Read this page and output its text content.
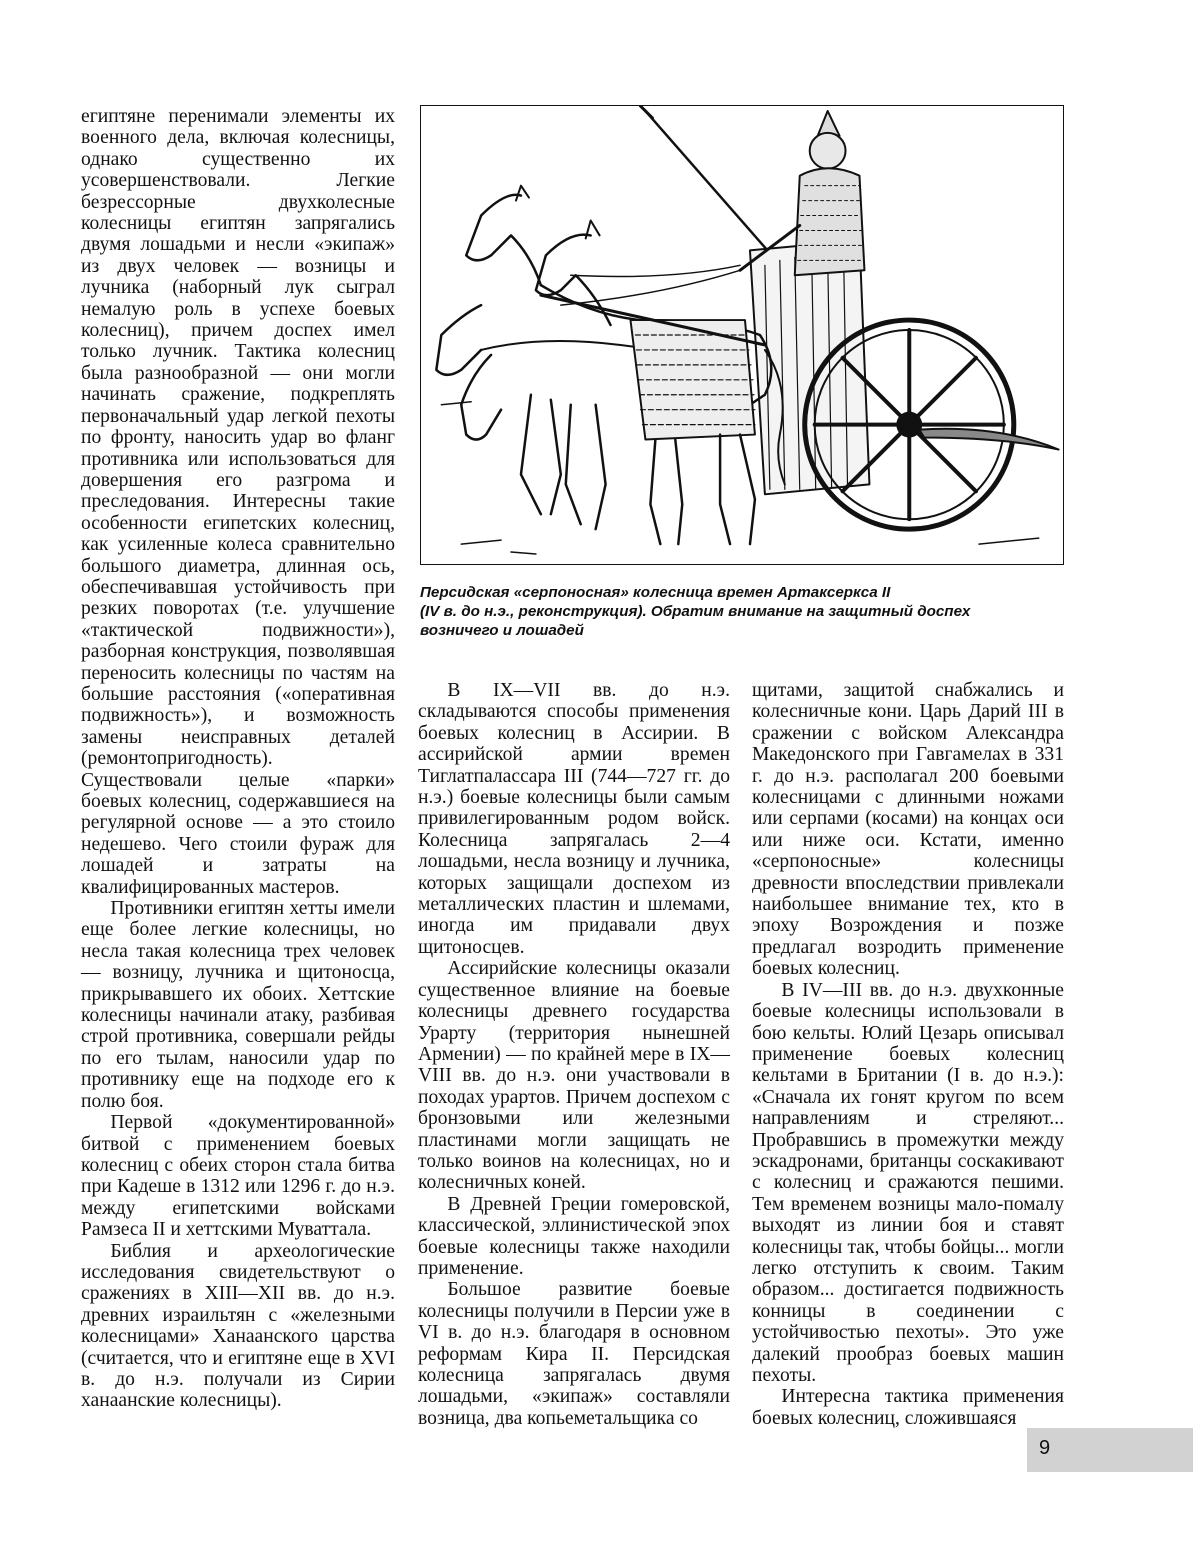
египтяне перенимали элементы их военного дела, включая колесницы, однако существенно их усовершенствовали. Легкие безрессорные двухколесные колесницы египтян запрягались двумя лошадьми и несли «экипаж» из двух человек — возницы и лучника (наборный лук сыграл немалую роль в успехе боевых колесниц), причем доспех имел только лучник. Тактика колесниц была разнообразной — они могли начинать сражение, подкреплять первоначальный удар легкой пехоты по фронту, наносить удар во фланг противника или использоваться для довершения его разгрома и преследования. Интересны такие особенности египетских колесниц, как усиленные колеса сравнительно большого диаметра, длинная ось, обеспечивавшая устойчивость при резких поворотах (т.е. улучшение «тактической подвижности»), разборная конструкция, позволявшая переносить колесницы по частям на большие расстояния («оперативная подвижность»), и возможность замены неисправных деталей (ремонтопригодность). Существовали целые «парки» боевых колесниц, содержавшиеся на регулярной основе — а это стоило недешево. Чего стоили фураж для лошадей и затраты на квалифицированных мастеров.

Противники египтян хетты имели еще более легкие колесницы, но несла такая колесница трех человек — возницу, лучника и щитоносца, прикрывавшего их обоих. Хеттские колесницы начинали атаку, разбивая строй противника, совершали рейды по его тылам, наносили удар по противнику еще на подходе его к полю боя.

Первой «документированной» битвой с применением боевых колесниц с обеих сторон стала битва при Кадеше в 1312 или 1296 г. до н.э. между египетскими войсками Рамзеса II и хеттскими Муваттала.

Библия и археологические исследования свидетельствуют о сражениях в XIII—XII вв. до н.э. древних израильтян с «железными колесницами» Ханаанского царства (считается, что и египтяне еще в XVI в. до н.э. получали из Сирии ханаанские колесницы).

Персидская «серпоносная» колесница времен Артаксеркса II
(IV в. до н.э., реконструкция). Обратим внимание на защитный доспех
возничего и лошадей

В IX—VII вв. до н.э. складываются способы применения боевых колесниц в Ассирии. В ассирийской армии времен Тиглатпаласcара III (744—727 гг. до н.э.) боевые колесницы были самым привилегированным родом войск. Колесница запрягалась 2—4 лошадьми, несла возницу и лучника, которых защищали доспехом из металлических пластин и шлемами, иногда им придавали двух щитоносцев.

Ассирийские колесницы оказали существенное влияние на боевые колесницы древнего государства Урарту (территория нынешней Армении) — по крайней мере в IX—VIII вв. до н.э. они участвовали в походах урартов. Причем доспехом с бронзовыми или железными пластинами могли защищать не только воинов на колесницах, но и колесничных коней.

В Древней Греции гомеровской, классической, эллинистической эпох боевые колесницы также находили применение.

Большое развитие боевые колесницы получили в Персии уже в VI в. до н.э. благодаря в основном реформам Кира II. Персидская колесница запрягалась двумя лошадьми, «экипаж» составляли возница, два копьеметальщика со

щитами, защитой снабжались и колесничные кони. Царь Дарий III в сражении с войском Александра Македонского при Гавгамелах в 331 г. до н.э. располагал 200 боевыми колесницами с длинными ножами или серпами (косами) на концах оси или ниже оси. Кстати, именно «серпоносные» колесницы древности впоследствии привлекали наибольшее внимание тех, кто в эпоху Возрождения и позже предлагал возродить применение боевых колесниц.

В IV—III вв. до н.э. двухконные боевые колесницы использовали в бою кельты. Юлий Цезарь описывал применение боевых колесниц кельтами в Британии (I в. до н.э.): «Сначала их гонят кругом по всем направлениям и стреляют... Пробравшись в промежутки между эскадронами, британцы соскакивают с колесниц и сражаются пешими. Тем временем возницы мало-помалу выходят из линии боя и ставят колесницы так, чтобы бойцы... могли легко отступить к своим. Таким образом... достигается подвижность конницы в соединении с устойчивостью пехоты». Это уже далекий прообраз боевых машин пехоты.

Интересна тактика применения боевых колесниц, сложившаяся

9
